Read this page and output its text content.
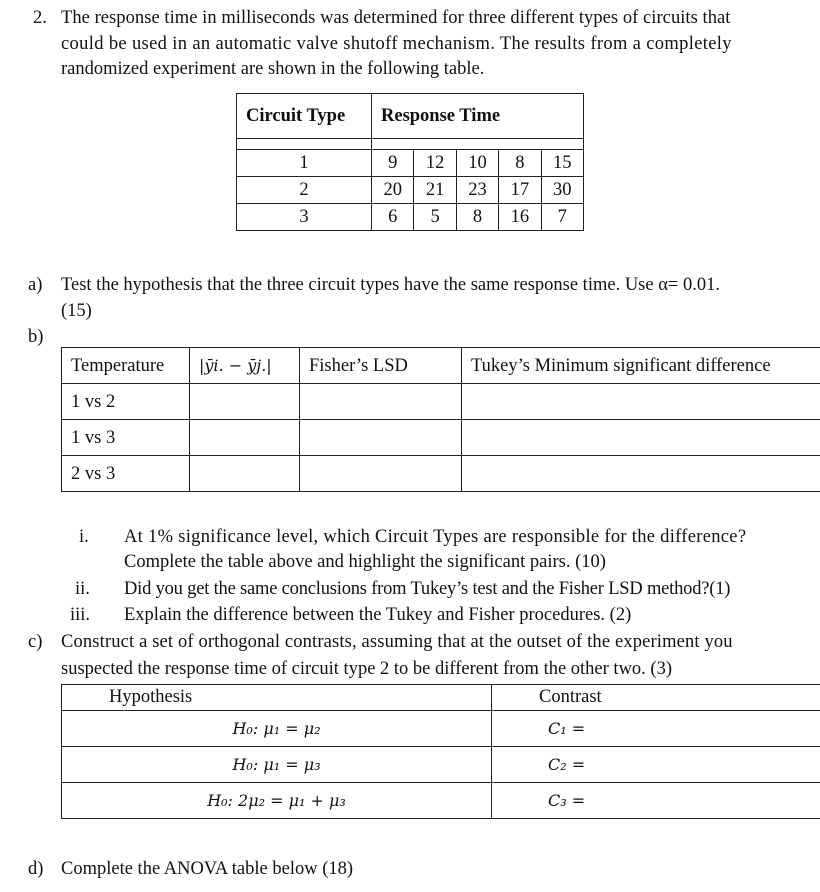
2. The response time in milliseconds was determined for three different types of circuits that
could be used in an automatic valve shutoff mechanism. The results from a completely
randomized experiment are shown in the following table.
Circuit Type	Response Time				

1	9	12	10	8	15
2	20	21	23	17	30
3	6	5	8	16	7
a) Test the hypothesis that the three circuit types have the same response time. Use α= 0.01.
(15)
b)
Temperature	|ȳi. − ȳj.|	Fisher’s LSD	Tukey’s Minimum significant difference
1 vs 2			
1 vs 3			
2 vs 3			
i. At 1% significance level, which Circuit Types are responsible for the difference?
Complete the table above and highlight the significant pairs. (10)
ii. Did you get the same conclusions from Tukey’s test and the Fisher LSD method?(1)
iii. Explain the difference between the Tukey and Fisher procedures. (2)
c) Construct a set of orthogonal contrasts, assuming that at the outset of the experiment you
suspected the response time of circuit type 2 to be different from the other two. (3)
Hypothesis	Contrast
H₀: μ₁ = μ₂	C₁ =
H₀: μ₁ = μ₃	C₂ =
H₀: 2μ₂ = μ₁ + μ₃	C₃ =
d) Complete the ANOVA table below (18)
